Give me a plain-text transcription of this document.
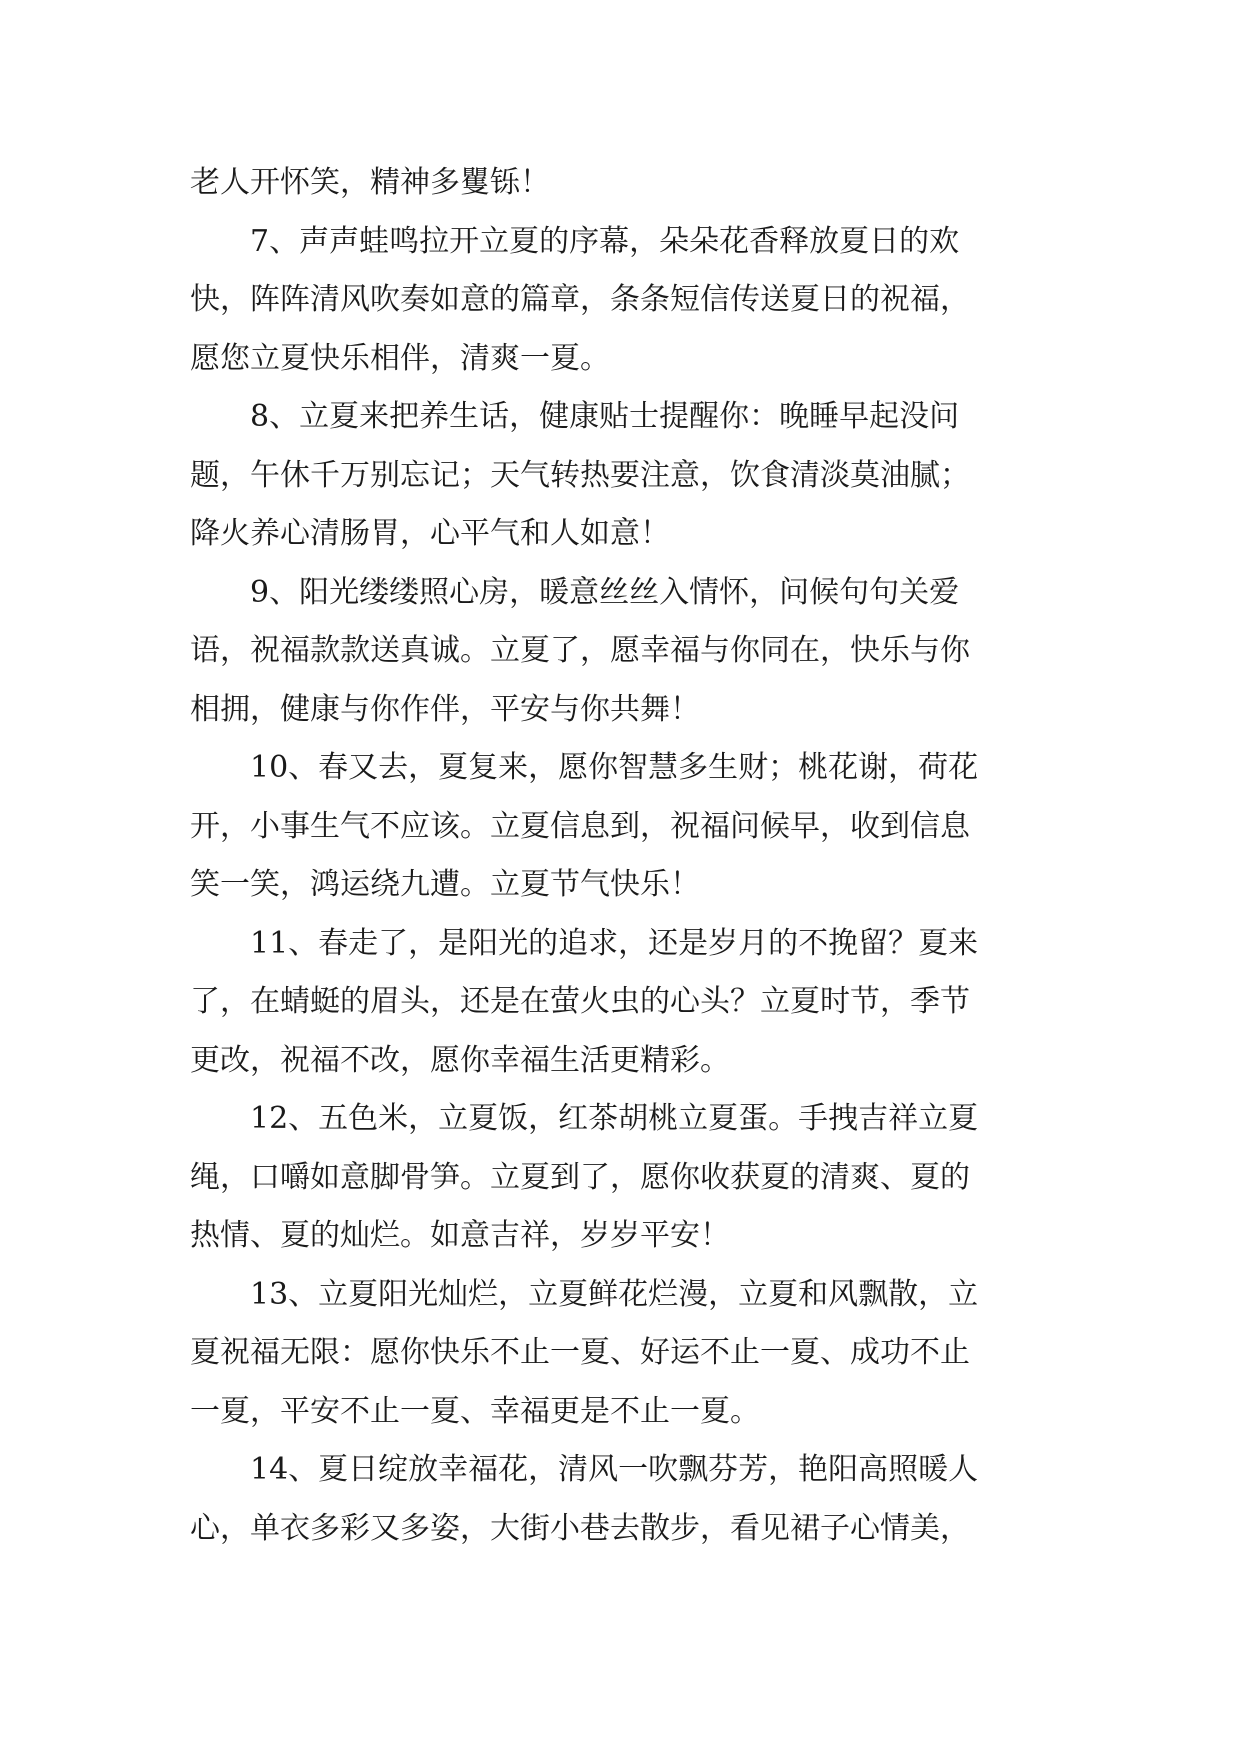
老人开怀笑，精神多矍铄！
7、声声蛙鸣拉开立夏的序幕，朵朵花香释放夏日的欢
快，阵阵清风吹奏如意的篇章，条条短信传送夏日的祝福，
愿您立夏快乐相伴，清爽一夏。
8、立夏来把养生话，健康贴士提醒你：晚睡早起没问
题，午休千万别忘记；天气转热要注意，饮食清淡莫油腻；
降火养心清肠胃，心平气和人如意！
9、阳光缕缕照心房，暖意丝丝入情怀，问候句句关爱
语，祝福款款送真诚。立夏了，愿幸福与你同在，快乐与你
相拥，健康与你作伴，平安与你共舞！
10、春又去，夏复来，愿你智慧多生财；桃花谢，荷花
开，小事生气不应该。立夏信息到，祝福问候早，收到信息
笑一笑，鸿运绕九遭。立夏节气快乐！
11、春走了，是阳光的追求，还是岁月的不挽留？夏来
了，在蜻蜓的眉头，还是在萤火虫的心头？立夏时节，季节
更改，祝福不改，愿你幸福生活更精彩。
12、五色米，立夏饭，红茶胡桃立夏蛋。手拽吉祥立夏
绳，口嚼如意脚骨笋。立夏到了，愿你收获夏的清爽、夏的
热情、夏的灿烂。如意吉祥，岁岁平安！
13、立夏阳光灿烂，立夏鲜花烂漫，立夏和风飘散，立
夏祝福无限：愿你快乐不止一夏、好运不止一夏、成功不止
一夏，平安不止一夏、幸福更是不止一夏。
14、夏日绽放幸福花，清风一吹飘芬芳，艳阳高照暖人
心，单衣多彩又多姿，大街小巷去散步，看见裙子心情美，
